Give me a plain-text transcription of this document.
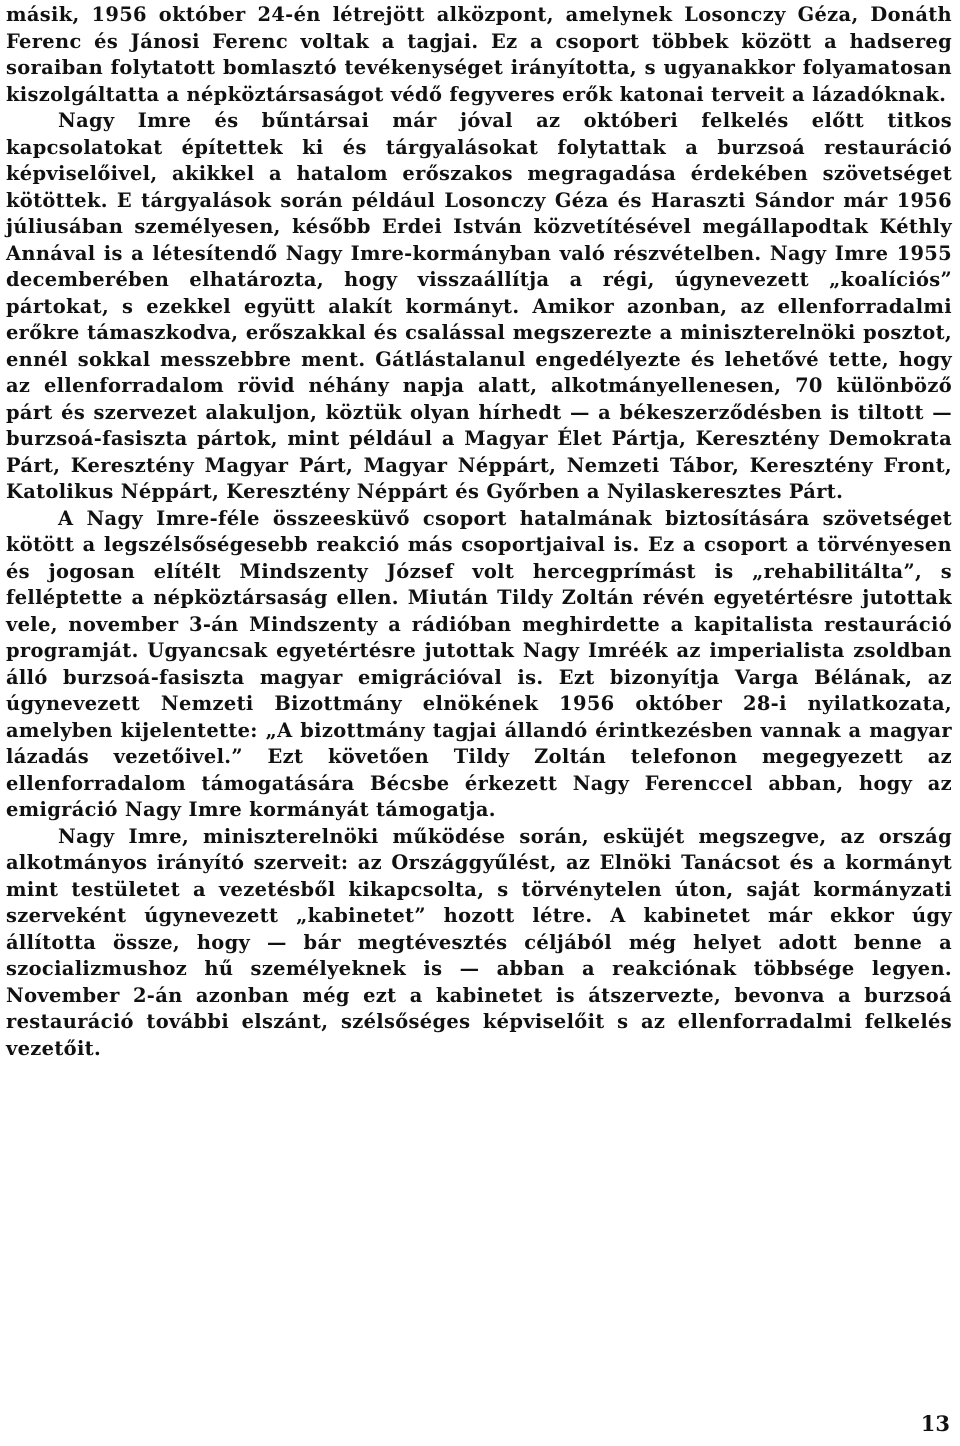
másik, 1956 október 24-én létrejött alközpont, amelynek Losonczy Géza, Donáth Ferenc és Jánosi Ferenc voltak a tagjai. Ez a csoport többek között a hadsereg soraiban folytatott bomlasztó tevékenységet irányította, s ugyanakkor folyamatosan kiszolgáltatta a népköztársaságot védő fegyveres erők katonai terveit a lázadóknak.

Nagy Imre és bűntársai már jóval az októberi felkelés előtt titkos kapcsolatokat építettek ki és tárgyalásokat folytattak a burzsoá restauráció képviselőivel, akikkel a hatalom erőszakos megragadása érdekében szövetséget kötöttek. E tárgyalások során például Losonczy Géza és Haraszti Sándor már 1956 júliusában személyesen, később Erdei István közvetítésével megállapodtak Kéthly Annával is a létesítendő Nagy Imre-kormányban való részvételben. Nagy Imre 1955 decemberében elhatározta, hogy visszaállítja a régi, úgynevezett „koalíciós” pártokat, s ezekkel együtt alakít kormányt. Amikor azonban, az ellenforradalmi erőkre támaszkodva, erőszakkal és csalással megszerezte a miniszterelnöki posztot, ennél sokkal messzebbre ment. Gátlástalanul engedélyezte és lehetővé tette, hogy az ellenforradalom rövid néhány napja alatt, alkotmányellenesen, 70 különböző párt és szervezet alakuljon, köztük olyan hírhedt — a békeszerződésben is tiltott — burzsoá-fasiszta pártok, mint például a Magyar Élet Pártja, Keresztény Demokrata Párt, Keresztény Magyar Párt, Magyar Néppárt, Nemzeti Tábor, Keresztény Front, Katolikus Néppárt, Keresztény Néppárt és Győrben a Nyilaskeresztes Párt.

A Nagy Imre-féle összeesküvő csoport hatalmának biztosítására szövetséget kötött a legszélsőségesebb reakció más csoportjaival is. Ez a csoport a törvényesen és jogosan elítélt Mindszenty József volt hercegprímást is „rehabilitálta”, s felléptette a népköztársaság ellen. Miután Tildy Zoltán révén egyetértésre jutottak vele, november 3-án Mindszenty a rádióban meghirdette a kapitalista restauráció programját. Ugyancsak egyetértésre jutottak Nagy Imréék az imperialista zsoldban álló burzsoá-fasiszta magyar emigrációval is. Ezt bizonyítja Varga Bélának, az úgynevezett Nemzeti Bizottmány elnökének 1956 október 28-i nyilatkozata, amelyben kijelentette: „A bizottmány tagjai állandó érintkezésben vannak a magyar lázadás vezetőivel.” Ezt követően Tildy Zoltán telefonon megegyezett az ellenforradalom támogatására Bécsbe érkezett Nagy Ferenccel abban, hogy az emigráció Nagy Imre kormányát támogatja.

Nagy Imre, miniszterelnöki működése során, esküjét megszegve, az ország alkotmányos irányító szerveit: az Országgyűlést, az Elnöki Tanácsot és a kormányt mint testületet a vezetésből kikapcsolta, s törvénytelen úton, saját kormányzati szerveként úgynevezett „kabinetet” hozott létre. A kabinetet már ekkor úgy állította össze, hogy — bár megtévesztés céljából még helyet adott benne a szocializmushoz hű személyeknek is — abban a reakciónak többsége legyen. November 2-án azonban még ezt a kabinetet is átszervezte, bevonva a burzsoá restauráció további elszánt, szélsőséges képviselőit s az ellenforradalmi felkelés vezetőit.

13
